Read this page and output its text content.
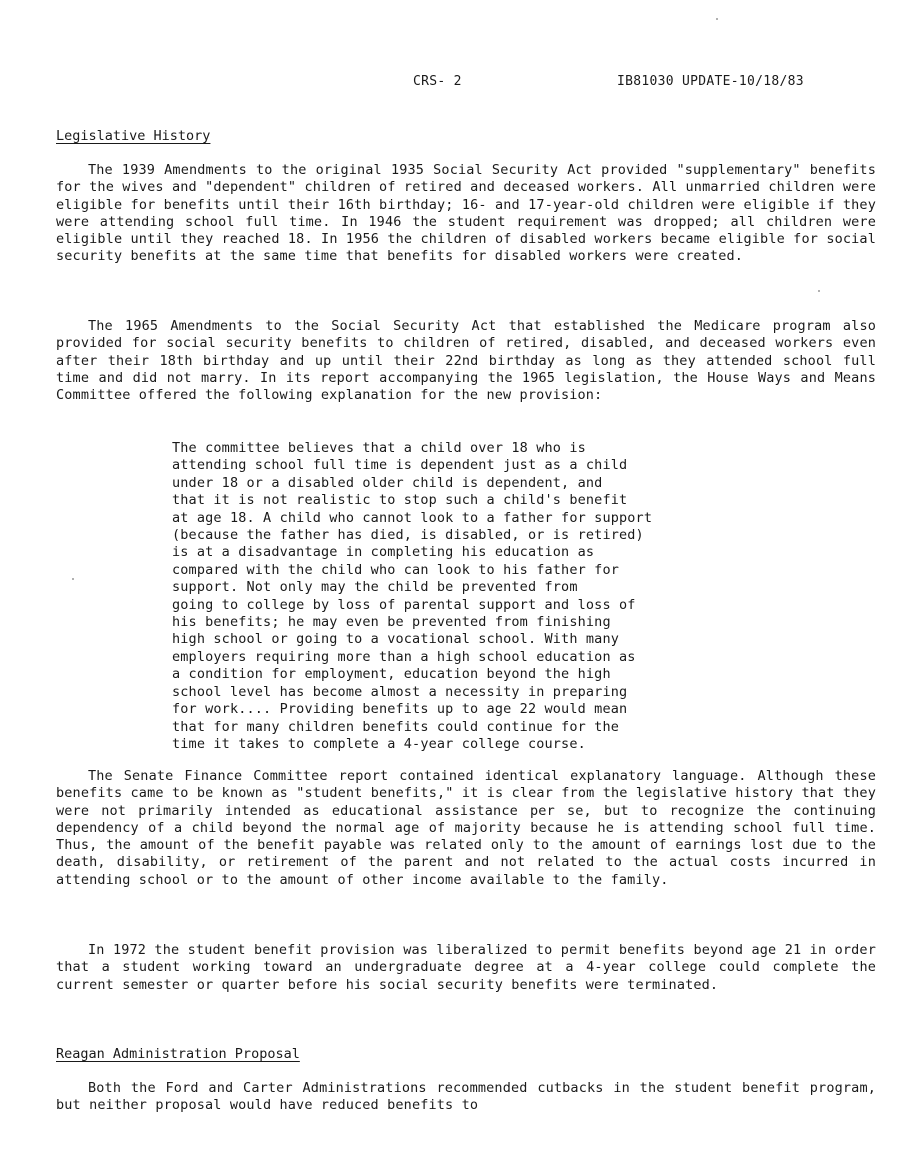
CRS- 2	IB81030 UPDATE-10/18/83
Legislative History

The 1939 Amendments to the original 1935 Social Security Act provided "supplementary" benefits for the wives and "dependent" children of retired and deceased workers. All unmarried children were eligible for benefits until their 16th birthday; 16- and 17-year-old children were eligible if they were attending school full time. In 1946 the student requirement was dropped; all children were eligible until they reached 18. In 1956 the children of disabled workers became eligible for social security benefits at the same time that benefits for disabled workers were created.

The 1965 Amendments to the Social Security Act that established the Medicare program also provided for social security benefits to children of retired, disabled, and deceased workers even after their 18th birthday and up until their 22nd birthday as long as they attended school full time and did not marry. In its report accompanying the 1965 legislation, the House Ways and Means Committee offered the following explanation for the new provision:

The committee believes that a child over 18 who is
attending school full time is dependent just as a child
under 18 or a disabled older child is dependent, and
that it is not realistic to stop such a child's benefit
at age 18. A child who cannot look to a father for support
(because the father has died, is disabled, or is retired)
is at a disadvantage in completing his education as
compared with the child who can look to his father for
support. Not only may the child be prevented from
going to college by loss of parental support and loss of
his benefits; he may even be prevented from finishing
high school or going to a vocational school. With many
employers requiring more than a high school education as
a condition for employment, education beyond the high
school level has become almost a necessity in preparing
for work.... Providing benefits up to age 22 would mean
that for many children benefits could continue for the
time it takes to complete a 4-year college course.

The Senate Finance Committee report contained identical explanatory language. Although these benefits came to be known as "student benefits," it is clear from the legislative history that they were not primarily intended as educational assistance per se, but to recognize the continuing dependency of a child beyond the normal age of majority because he is attending school full time. Thus, the amount of the benefit payable was related only to the amount of earnings lost due to the death, disability, or retirement of the parent and not related to the actual costs incurred in attending school or to the amount of other income available to the family.

In 1972 the student benefit provision was liberalized to permit benefits beyond age 21 in order that a student working toward an undergraduate degree at a 4-year college could complete the current semester or quarter before his social security benefits were terminated.

Reagan Administration Proposal

Both the Ford and Carter Administrations recommended cutbacks in the student benefit program, but neither proposal would have reduced benefits to
